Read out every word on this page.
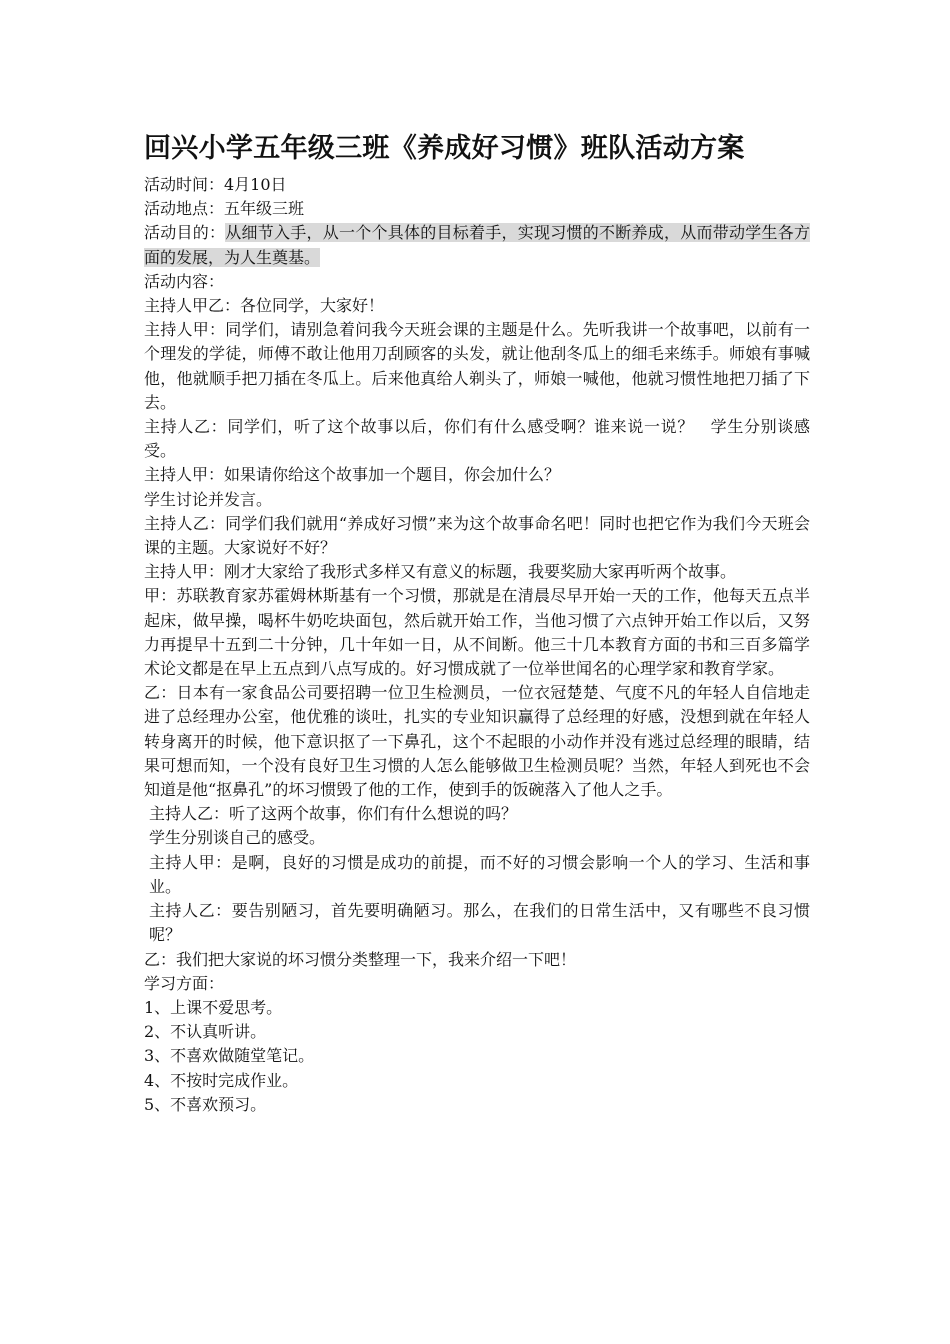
回兴小学五年级三班《养成好习惯》班队活动方案

活动时间：4月10日

活动地点：五年级三班

活动目的：从细节入手，从一个个具体的目标着手，实现习惯的不断养成，从而带动学生各方面的发展，为人生奠基。

活动内容：

主持人甲乙：各位同学，大家好！

主持人甲：同学们，请别急着问我今天班会课的主题是什么。先听我讲一个故事吧，以前有一个理发的学徒，师傅不敢让他用刀刮顾客的头发，就让他刮冬瓜上的细毛来练手。师娘有事喊他，他就顺手把刀插在冬瓜上。后来他真给人剃头了，师娘一喊他，他就习惯性地把刀插了下去。

主持人乙：同学们，听了这个故事以后，你们有什么感受啊？谁来说一说？　学生分别谈感受。

主持人甲：如果请你给这个故事加一个题目，你会加什么？

学生讨论并发言。

主持人乙：同学们我们就用“养成好习惯”来为这个故事命名吧！同时也把它作为我们今天班会课的主题。大家说好不好？

主持人甲：刚才大家给了我形式多样又有意义的标题，我要奖励大家再听两个故事。

甲：苏联教育家苏霍姆林斯基有一个习惯，那就是在清晨尽早开始一天的工作，他每天五点半起床，做早操，喝杯牛奶吃块面包，然后就开始工作，当他习惯了六点钟开始工作以后，又努力再提早十五到二十分钟，几十年如一日，从不间断。他三十几本教育方面的书和三百多篇学术论文都是在早上五点到八点写成的。好习惯成就了一位举世闻名的心理学家和教育学家。

乙：日本有一家食品公司要招聘一位卫生检测员，一位衣冠楚楚、气度不凡的年轻人自信地走进了总经理办公室，他优雅的谈吐，扎实的专业知识赢得了总经理的好感，没想到就在年轻人转身离开的时候，他下意识抠了一下鼻孔，这个不起眼的小动作并没有逃过总经理的眼睛，结果可想而知，一个没有良好卫生习惯的人怎么能够做卫生检测员呢？当然，年轻人到死也不会知道是他“抠鼻孔”的坏习惯毁了他的工作，使到手的饭碗落入了他人之手。

主持人乙：听了这两个故事，你们有什么想说的吗？

学生分别谈自己的感受。

主持人甲：是啊，良好的习惯是成功的前提，而不好的习惯会影响一个人的学习、生活和事业。

主持人乙：要告别陋习，首先要明确陋习。那么，在我们的日常生活中，又有哪些不良习惯呢？

乙：我们把大家说的坏习惯分类整理一下，我来介绍一下吧！

学习方面：

1、上课不爱思考。

2、不认真听讲。

3、不喜欢做随堂笔记。

4、不按时完成作业。

5、不喜欢预习。
